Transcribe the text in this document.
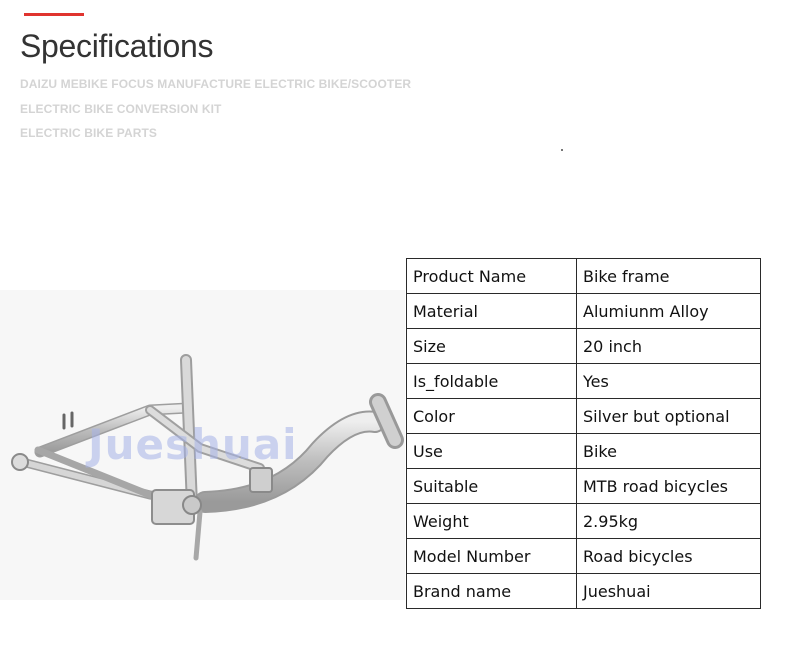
Specifications

DAIZU MEBIKE FOCUS MANUFACTURE ELECTRIC BIKE/SCOOTER

ELECTRIC BIKE CONVERSION KIT

ELECTRIC BIKE PARTS

Jueshuai
Product Name	Bike frame
Material	Alumiunm Alloy
Size	20 inch
Is_foldable	Yes
Color	Silver but optional
Use	Bike
Suitable	MTB road bicycles
Weight	2.95kg
Model Number	Road bicycles
Brand name	Jueshuai
